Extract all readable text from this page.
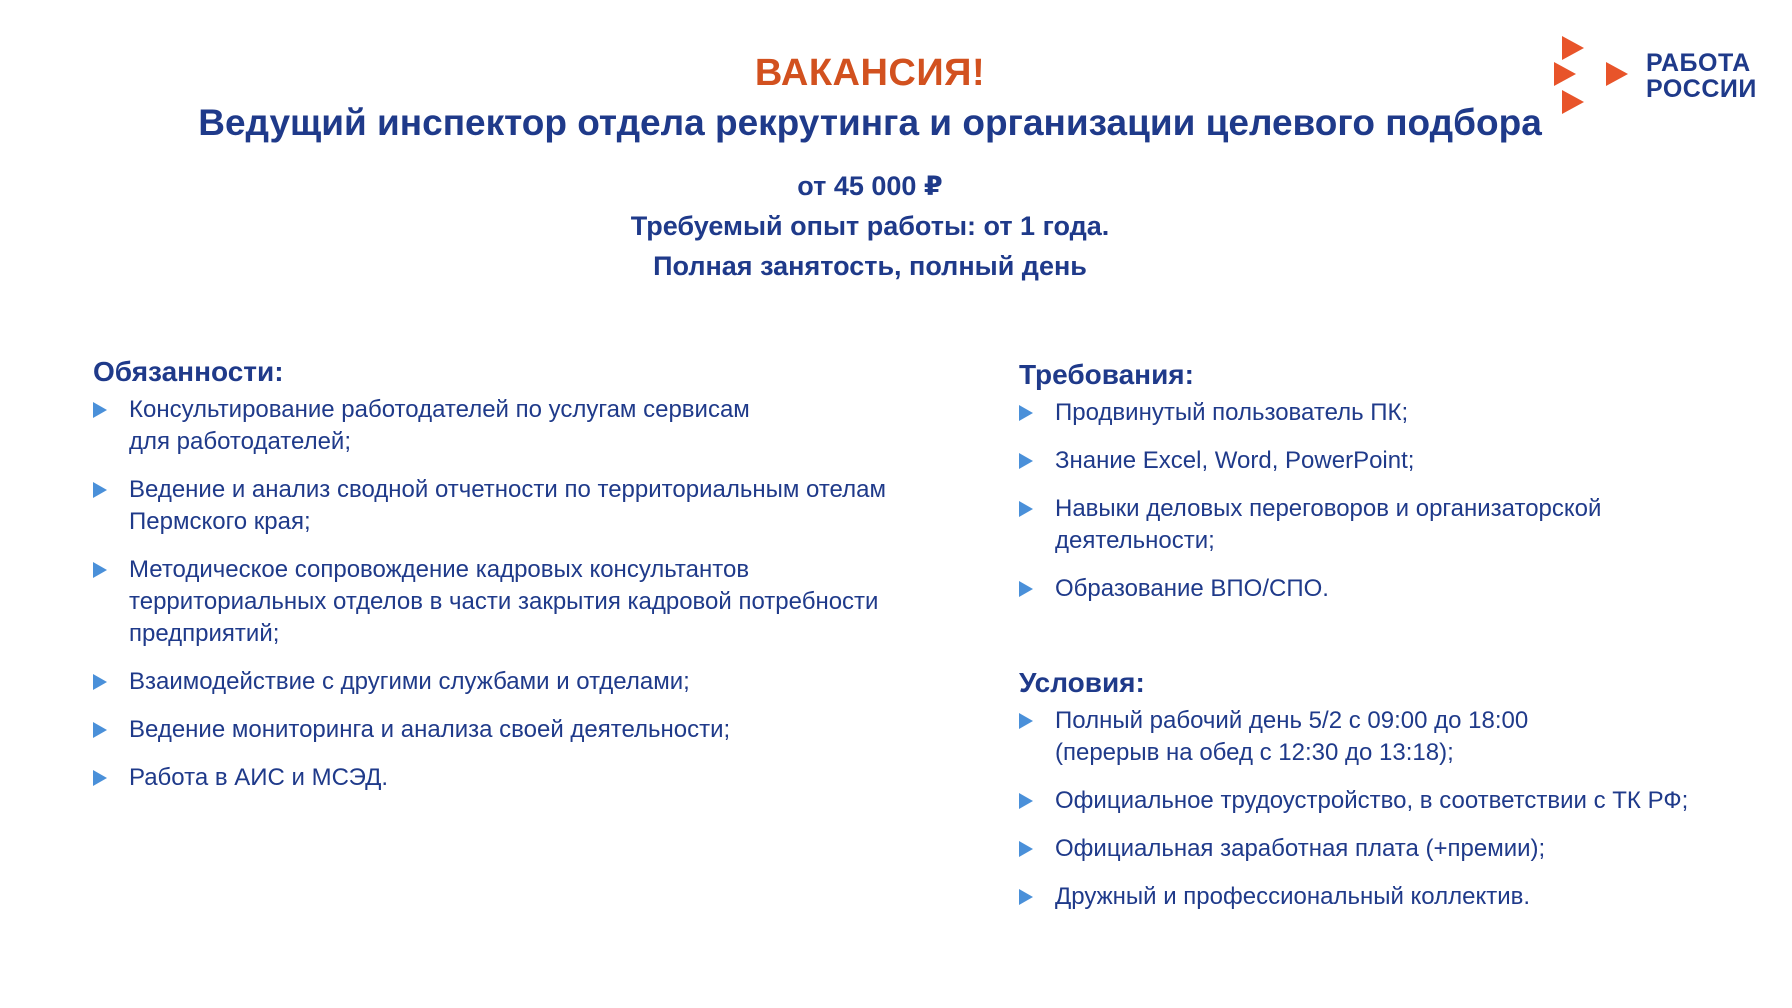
ВАКАНСИЯ!
Ведущий инспектор отдела рекрутинга и организации целевого подбора
от 45 000 ₽
Требуемый опыт работы: от 1 года.
Полная занятость, полный день
РАБОТА
РОССИИ
Обязанности:
Консультирование работодателей по услугам сервисам
для работодателей;
Ведение и анализ сводной отчетности по территориальным отелам
Пермского края;
Методическое сопровождение кадровых консультантов
территориальных отделов в части закрытия кадровой потребности
предприятий;
Взаимодействие с другими службами и отделами;
Ведение мониторинга и анализа своей деятельности;
Работа в АИС и МСЭД.
Требования:
Продвинутый пользователь ПК;
Знание Excel, Word, PowerPoint;
Навыки деловых переговоров и организаторской
деятельности;
Образование ВПО/СПО.
Условия:
Полный рабочий день 5/2 с 09:00 до 18:00
(перерыв на обед с 12:30 до 13:18);
Официальное трудоустройство, в соответствии с ТК РФ;
Официальная заработная плата (+премии);
Дружный и профессиональный коллектив.
